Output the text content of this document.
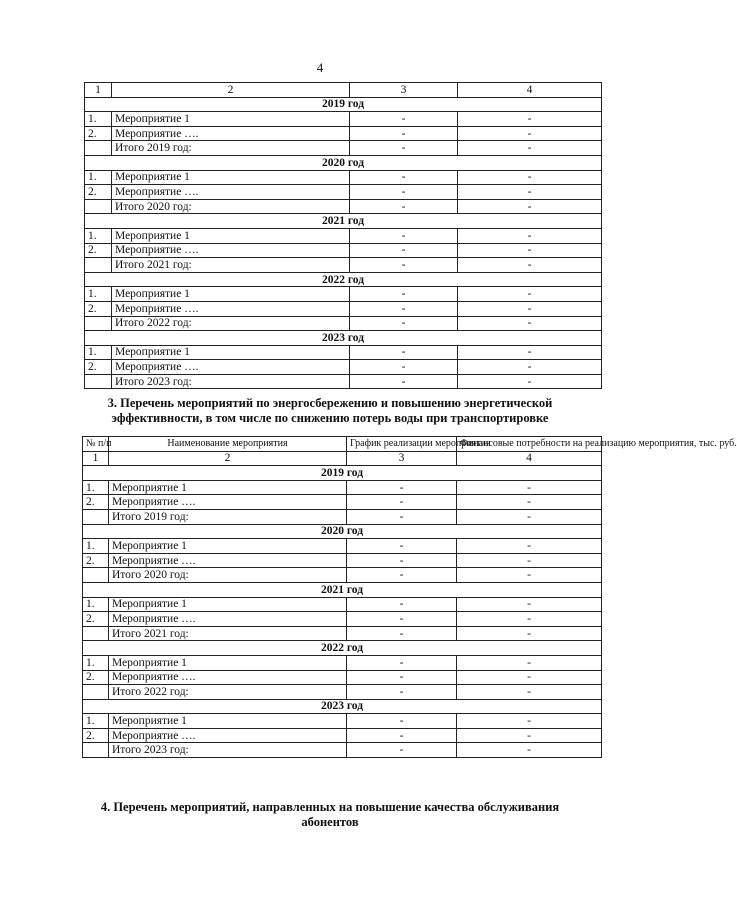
4
1	2	3	4
2019 год			
1.	Мероприятие 1	-	-
2.	Мероприятие ….	-	-
	Итого 2019 год:	-	-
2020 год			
1.	Мероприятие 1	-	-
2.	Мероприятие ….	-	-
	Итого 2020 год:	-	-
2021 год			
1.	Мероприятие 1	-	-
2.	Мероприятие ….	-	-
	Итого 2021 год:	-	-
2022 год			
1.	Мероприятие 1	-	-
2.	Мероприятие ….	-	-
	Итого 2022 год:	-	-
2023 год			
1.	Мероприятие 1	-	-
2.	Мероприятие ….	-	-
	Итого 2023 год:	-	-
3. Перечень мероприятий по энергосбережению и повышению энергетической
эффективности, в том числе по снижению потерь воды при транспортировке
№ п/п	Наименование мероприятия	График реализации мероприятия	Финансовые потребности на реализацию мероприятия, тыс. руб.
1	2	3	4
2019 год			
1.	Мероприятие 1	-	-
2.	Мероприятие ….	-	-
	Итого 2019 год:	-	-
2020 год			
1.	Мероприятие 1	-	-
2.	Мероприятие ….	-	-
	Итого 2020 год:	-	-
2021 год			
1.	Мероприятие 1	-	-
2.	Мероприятие ….	-	-
	Итого 2021 год:	-	-
2022 год			
1.	Мероприятие 1	-	-
2.	Мероприятие ….	-	-
	Итого 2022 год:	-	-
2023 год			
1.	Мероприятие 1	-	-
2.	Мероприятие ….	-	-
	Итого 2023 год:	-	-
4. Перечень мероприятий, направленных на повышение качества обслуживания
абонентов
